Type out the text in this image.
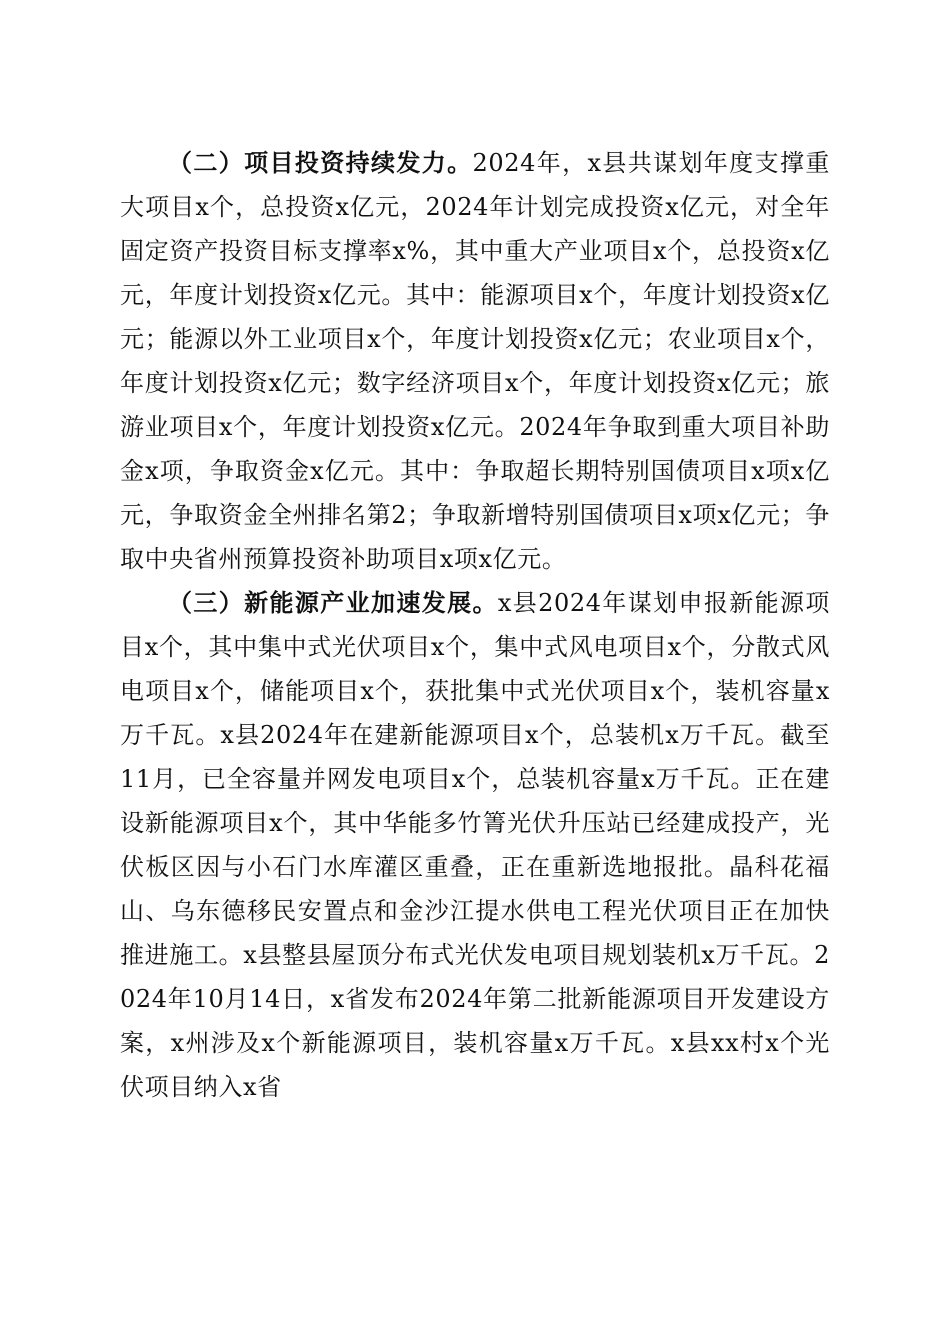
（二）项目投资持续发力。2024年，x县共谋划年度支撑重大项目x个，总投资x亿元，2024年计划完成投资x亿元，对全年固定资产投资目标支撑率x%，其中重大产业项目x个，总投资x亿元，年度计划投资x亿元。其中：能源项目x个，年度计划投资x亿元；能源以外工业项目x个，年度计划投资x亿元；农业项目x个，年度计划投资x亿元；数字经济项目x个，年度计划投资x亿元；旅游业项目x个，年度计划投资x亿元。2024年争取到重大项目补助金x项，争取资金x亿元。其中：争取超长期特别国债项目x项x亿元，争取资金全州排名第2；争取新增特别国债项目x项x亿元；争取中央省州预算投资补助项目x项x亿元。

（三）新能源产业加速发展。x县2024年谋划申报新能源项目x个，其中集中式光伏项目x个，集中式风电项目x个，分散式风电项目x个，储能项目x个，获批集中式光伏项目x个，装机容量x万千瓦。x县2024年在建新能源项目x个，总装机x万千瓦。截至11月，已全容量并网发电项目x个，总装机容量x万千瓦。正在建设新能源项目x个，其中华能多竹箐光伏升压站已经建成投产，光伏板区因与小石门水库灌区重叠，正在重新选地报批。晶科花福山、乌东德移民安置点和金沙江提水供电工程光伏项目正在加快推进施工。x县整县屋顶分布式光伏发电项目规划装机x万千瓦。2024年10月14日，x省发布2024年第二批新能源项目开发建设方案，x州涉及x个新能源项目，装机容量x万千瓦。x县xx村x个光伏项目纳入x省
